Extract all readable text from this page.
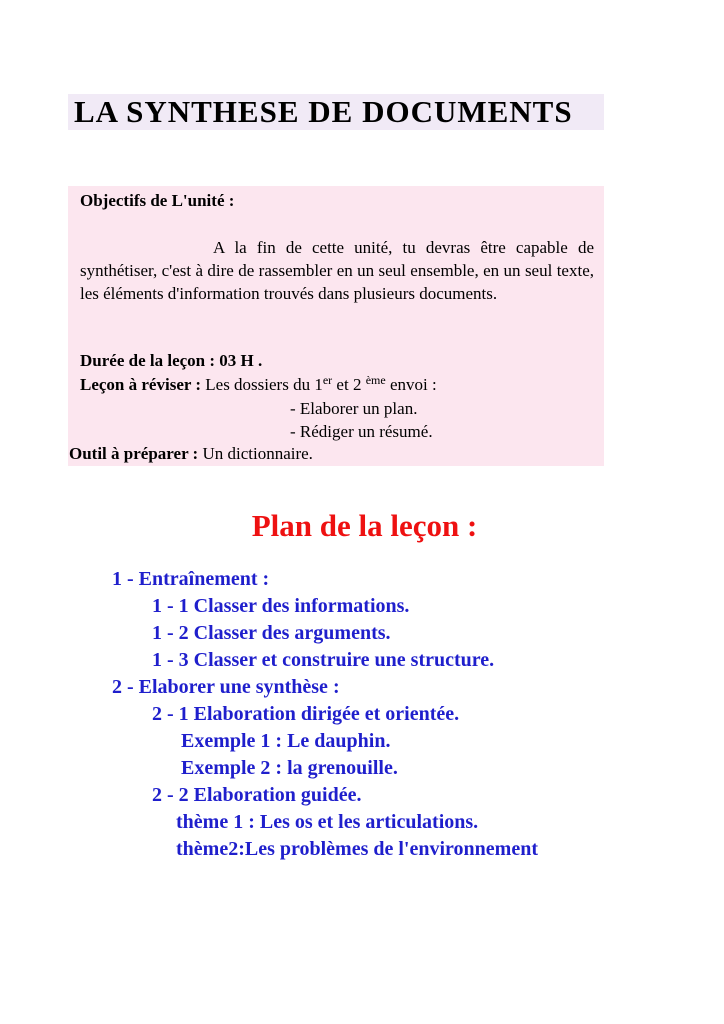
LA SYNTHESE DE DOCUMENTS
Objectifs de L'unité :
A la fin de cette unité, tu devras être capable de synthétiser, c'est à dire de rassembler en un seul ensemble, en un seul texte, les éléments d'information trouvés dans plusieurs documents.
Durée de la leçon : 03 H .
Leçon à réviser : Les dossiers du 1er et 2 $^{ème}$ envoi :
- Elaborer un plan.
- Rédiger un résumé.
Outil à préparer : Un dictionnaire.
Plan de la leçon :
1 - Entraînement :
1 - 1 Classer des informations.
1 - 2 Classer des arguments.
1 - 3 Classer et construire une structure.
2 - Elaborer une synthèse :
2 - 1 Elaboration dirigée et orientée.
Exemple 1 : Le dauphin.
Exemple 2 : la grenouille.
2 - 2 Elaboration guidée.
thème 1 : Les os et les articulations.
thème2:Les problèmes de l'environnement
